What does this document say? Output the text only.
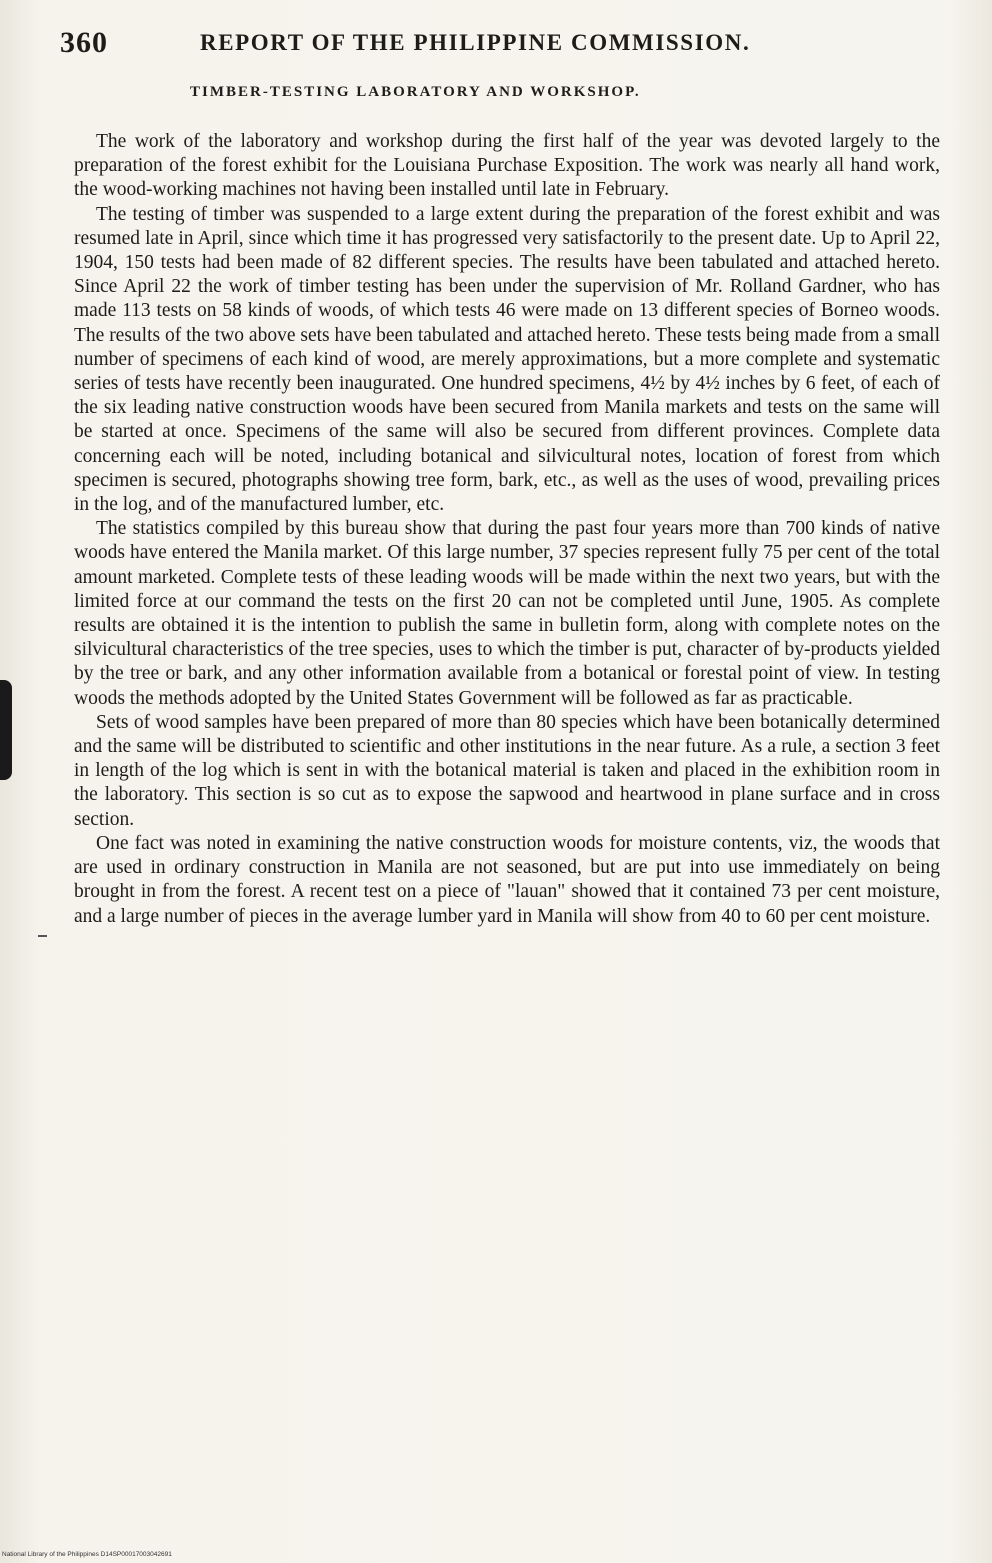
360	REPORT OF THE PHILIPPINE COMMISSION.
TIMBER-TESTING LABORATORY AND WORKSHOP.

The work of the laboratory and workshop during the first half of the year was devoted largely to the preparation of the forest exhibit for the Louisiana Purchase Exposition. The work was nearly all hand work, the wood-working machines not having been installed until late in February.

The testing of timber was suspended to a large extent during the preparation of the forest exhibit and was resumed late in April, since which time it has progressed very satisfactorily to the present date. Up to April 22, 1904, 150 tests had been made of 82 different species. The results have been tabulated and attached hereto. Since April 22 the work of timber testing has been under the supervision of Mr. Rolland Gardner, who has made 113 tests on 58 kinds of woods, of which tests 46 were made on 13 different species of Borneo woods. The results of the two above sets have been tabulated and attached hereto. These tests being made from a small number of specimens of each kind of wood, are merely approximations, but a more complete and systematic series of tests have recently been inaugurated. One hundred specimens, 4½ by 4½ inches by 6 feet, of each of the six leading native construction woods have been secured from Manila markets and tests on the same will be started at once. Specimens of the same will also be secured from different provinces. Complete data concerning each will be noted, including botanical and silvicultural notes, location of forest from which specimen is secured, photographs showing tree form, bark, etc., as well as the uses of wood, prevailing prices in the log, and of the manufactured lumber, etc.

The statistics compiled by this bureau show that during the past four years more than 700 kinds of native woods have entered the Manila market. Of this large number, 37 species represent fully 75 per cent of the total amount marketed. Complete tests of these leading woods will be made within the next two years, but with the limited force at our command the tests on the first 20 can not be completed until June, 1905. As complete results are obtained it is the intention to publish the same in bulletin form, along with complete notes on the silvicultural characteristics of the tree species, uses to which the timber is put, character of by-products yielded by the tree or bark, and any other information available from a botanical or forestal point of view. In testing woods the methods adopted by the United States Government will be followed as far as practicable.

Sets of wood samples have been prepared of more than 80 species which have been botanically determined and the same will be distributed to scientific and other institutions in the near future. As a rule, a section 3 feet in length of the log which is sent in with the botanical material is taken and placed in the exhibition room in the laboratory. This section is so cut as to expose the sapwood and heartwood in plane surface and in cross section.

One fact was noted in examining the native construction woods for moisture contents, viz, the woods that are used in ordinary construction in Manila are not seasoned, but are put into use immediately on being brought in from the forest. A recent test on a piece of "lauan" showed that it contained 73 per cent moisture, and a large number of pieces in the average lumber yard in Manila will show from 40 to 60 per cent moisture.

National Library of the Philippines D14SP00017003042691
